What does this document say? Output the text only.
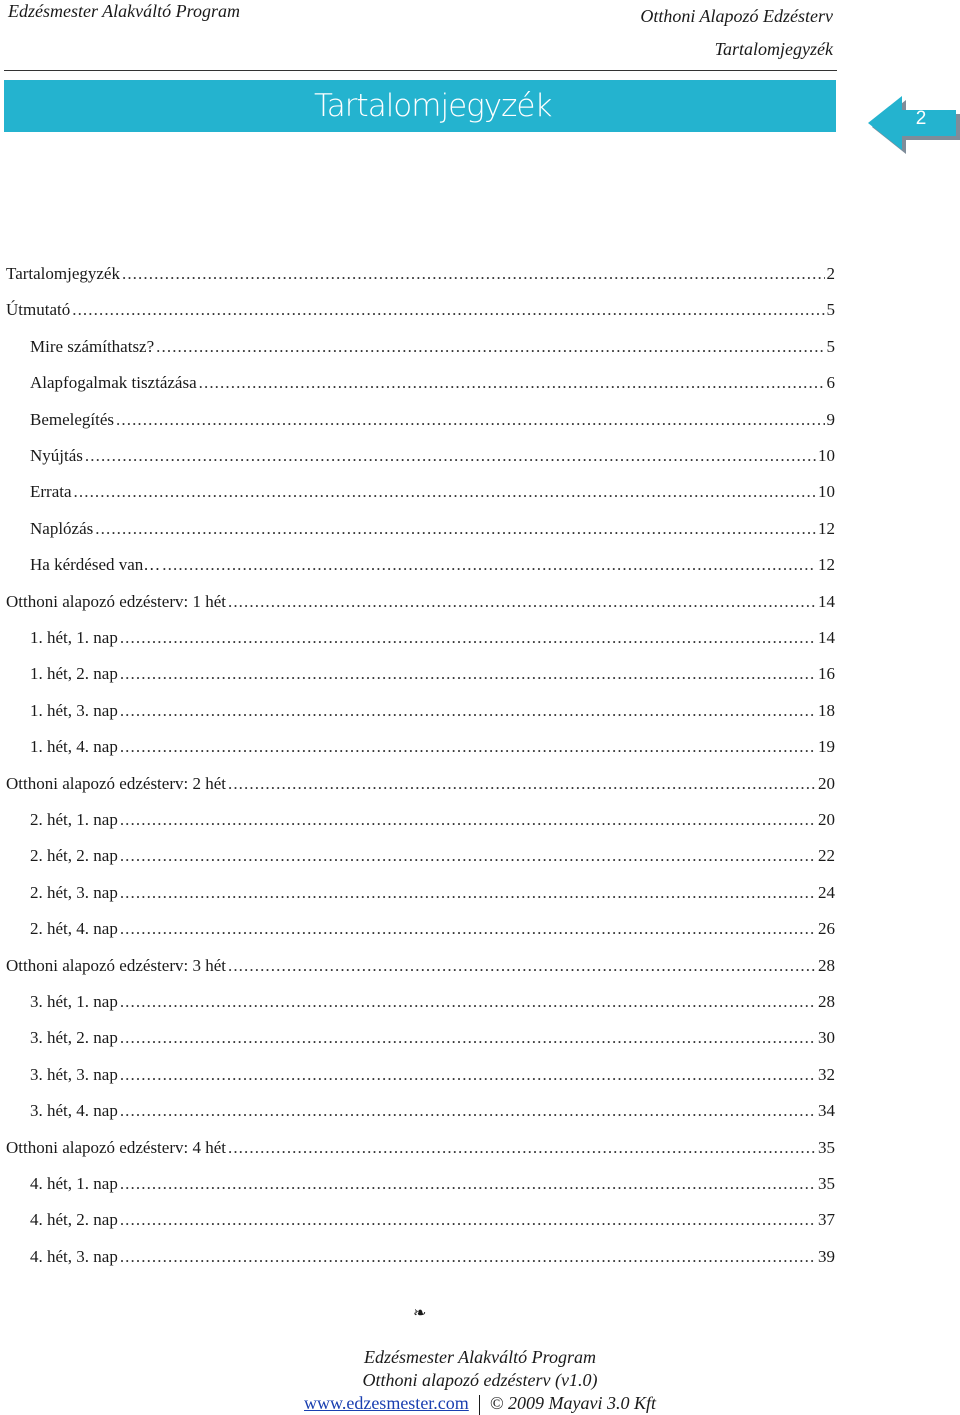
Edzésmester Alakváltó Program	Otthoni Alapozó Edzésterv
Tartalomjegyzék
Tartalomjegyzék	2
Tartalomjegyzék .....	2
Útmutató .....	5
Mire számíthatsz? .....	5
Alapfogalmak tisztázása .....	6
Bemelegítés .....	9
Nyújtás .....	10
Errata .....	10
Naplózás .....	12
Ha kérdésed van… .....	12
Otthoni alapozó edzésterv: 1 hét .....	14
1. hét, 1. nap .....	14
1. hét, 2. nap .....	16
1. hét, 3. nap .....	18
1. hét, 4. nap .....	19
Otthoni alapozó edzésterv: 2 hét .....	20
2. hét, 1. nap .....	20
2. hét, 2. nap .....	22
2. hét, 3. nap .....	24
2. hét, 4. nap .....	26
Otthoni alapozó edzésterv: 3 hét .....	28
3. hét, 1. nap .....	28
3. hét, 2. nap .....	30
3. hét, 3. nap .....	32
3. hét, 4. nap .....	34
Otthoni alapozó edzésterv: 4 hét .....	35
4. hét, 1. nap .....	35
4. hét, 2. nap .....	37
4. hét, 3. nap .....	39
❧
Edzésmester Alakváltó Program
Otthoni alapozó edzésterv (v1.0)
www.edzesmester.com © 2009 Mayavi 3.0 Kft
